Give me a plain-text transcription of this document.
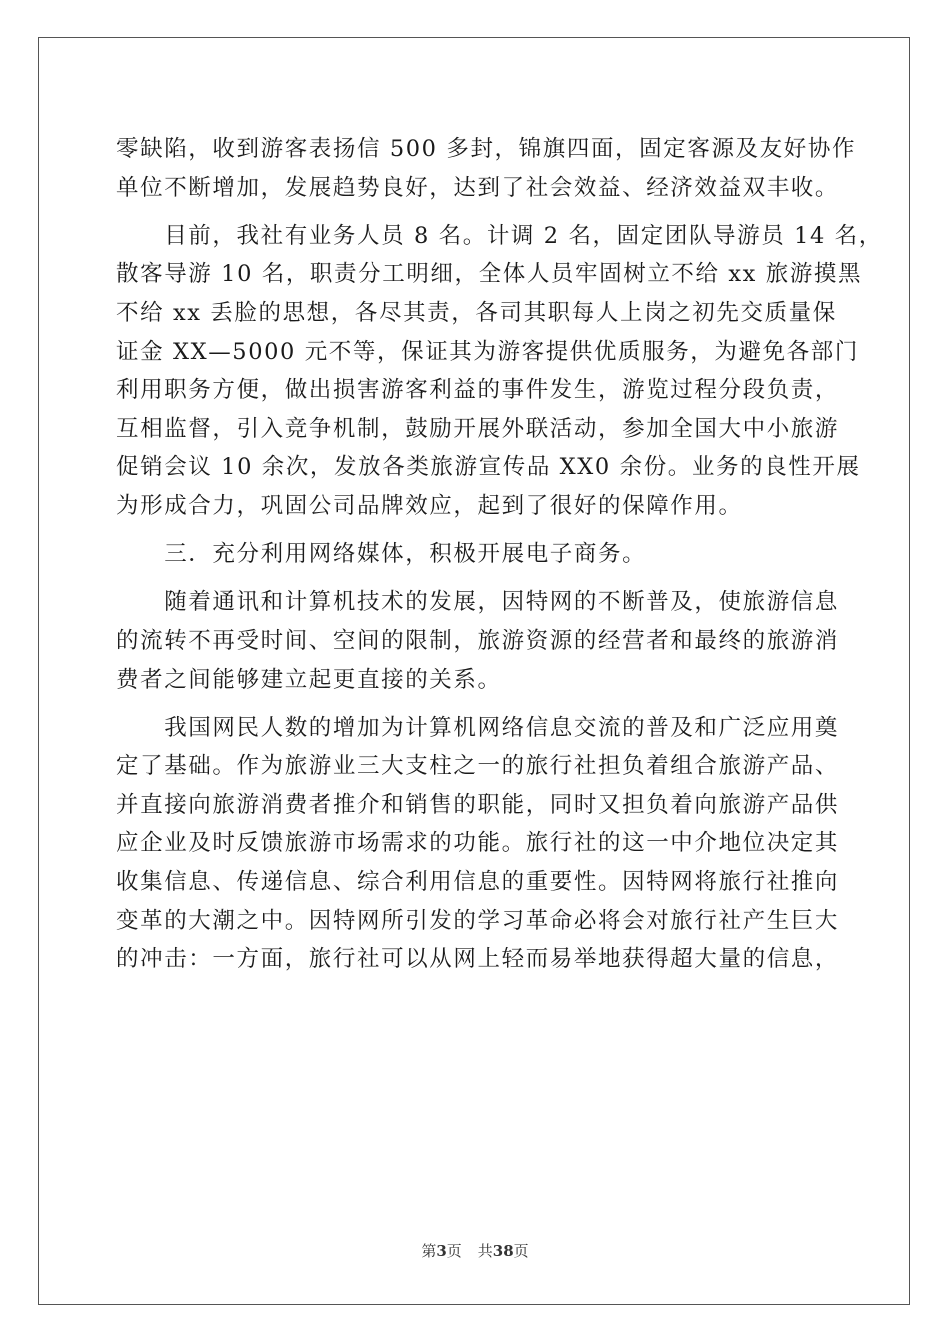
零缺陷，收到游客表扬信 500 多封，锦旗四面，固定客源及友好协作
单位不断增加，发展趋势良好，达到了社会效益、经济效益双丰收。
　　目前，我社有业务人员 8 名。计调 2 名，固定团队导游员 14 名，
散客导游 10 名，职责分工明细，全体人员牢固树立不给 xx 旅游摸黑
不给 xx 丢脸的思想，各尽其责，各司其职每人上岗之初先交质量保
证金 XX—5000 元不等，保证其为游客提供优质服务，为避免各部门
利用职务方便，做出损害游客利益的事件发生，游览过程分段负责，
互相监督，引入竞争机制，鼓励开展外联活动，参加全国大中小旅游
促销会议 10 余次，发放各类旅游宣传品 XX0 余份。业务的良性开展
为形成合力，巩固公司品牌效应，起到了很好的保障作用。
　　三．充分利用网络媒体，积极开展电子商务。
　　随着通讯和计算机技术的发展，因特网的不断普及，使旅游信息
的流转不再受时间、空间的限制，旅游资源的经营者和最终的旅游消
费者之间能够建立起更直接的关系。
　　我国网民人数的增加为计算机网络信息交流的普及和广泛应用奠
定了基础。作为旅游业三大支柱之一的旅行社担负着组合旅游产品、
并直接向旅游消费者推介和销售的职能，同时又担负着向旅游产品供
应企业及时反馈旅游市场需求的功能。旅行社的这一中介地位决定其
收集信息、传递信息、综合利用信息的重要性。因特网将旅行社推向
变革的大潮之中。因特网所引发的学习革命必将会对旅行社产生巨大
的冲击：一方面，旅行社可以从网上轻而易举地获得超大量的信息，
第3页 共38页
